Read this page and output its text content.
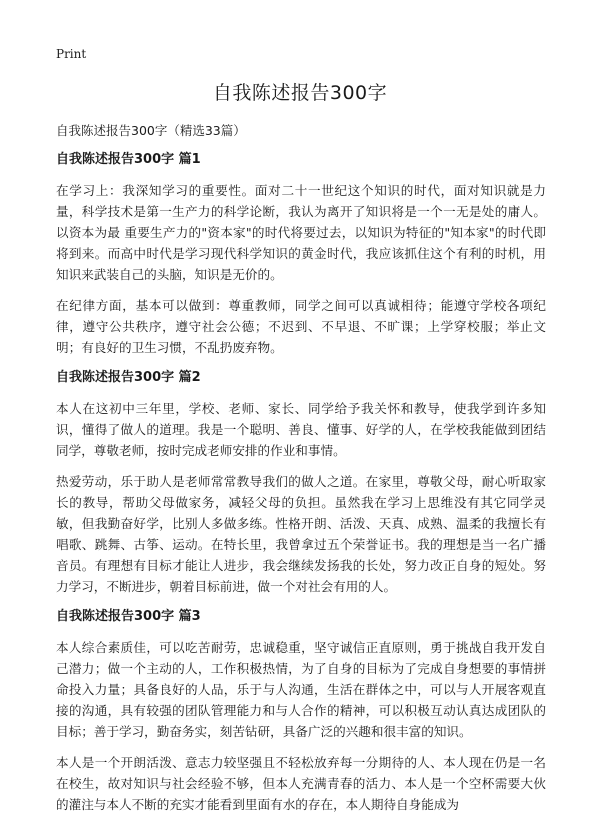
Print
自我陈述报告300字

自我陈述报告300字（精选33篇）

自我陈述报告300字 篇1

在学习上：我深知学习的重要性。面对二十一世纪这个知识的时代，面对知识就是力量，科学技术是第一生产力的科学论断，我认为离开了知识将是一个一无是处的庸人。以资本为最 重要生产力的"资本家"的时代将要过去，以知识为特征的"知本家"的时代即将到来。而高中时代是学习现代科学知识的黄金时代，我应该抓住这个有利的时机，用知识来武装自己的头脑，知识是无价的。

在纪律方面，基本可以做到：尊重教师，同学之间可以真诚相待；能遵守学校各项纪律，遵守公共秩序，遵守社会公德；不迟到、不早退、不旷课；上学穿校服；举止文明；有良好的卫生习惯，不乱扔废弃物。

自我陈述报告300字 篇2

本人在这初中三年里，学校、老师、家长、同学给予我关怀和教导，使我学到许多知识，懂得了做人的道理。我是一个聪明、善良、懂事、好学的人，在学校我能做到团结同学，尊敬老师，按时完成老师安排的作业和事情。

热爱劳动，乐于助人是老师常常教导我们的做人之道。在家里，尊敬父母，耐心听取家长的教导，帮助父母做家务，减轻父母的负担。虽然我在学习上思维没有其它同学灵敏，但我勤奋好学，比别人多做多练。性格开朗、活泼、天真、成熟、温柔的我擅长有唱歌、跳舞、古筝、运动。在特长里，我曾拿过五个荣誉证书。我的理想是当一名广播音员。有理想有目标才能让人进步，我会继续发扬我的长处，努力改正自身的短处。努力学习，不断进步，朝着目标前进，做一个对社会有用的人。

自我陈述报告300字 篇3

本人综合素质佳，可以吃苦耐劳，忠诚稳重，坚守诚信正直原则，勇于挑战自我开发自己潜力；做一个主动的人，工作积极热情，为了自身的目标为了完成自身想要的事情拼命投入力量；具备良好的人品，乐于与人沟通，生活在群体之中，可以与人开展客观直接的沟通，具有较强的团队管理能力和与人合作的精神，可以积极互动认真达成团队的目标；善于学习，勤奋务实，刻苦钻研，具备广泛的兴趣和很丰富的知识。

本人是一个开朗活泼、意志力较坚强且不轻松放弃每一分期待的人、本人现在仍是一名在校生，故对知识与社会经验不够，但本人充满青春的活力、本人是一个空杯需要大伙的灌注与本人不断的充实才能看到里面有水的存在，本人期待自身能成为
